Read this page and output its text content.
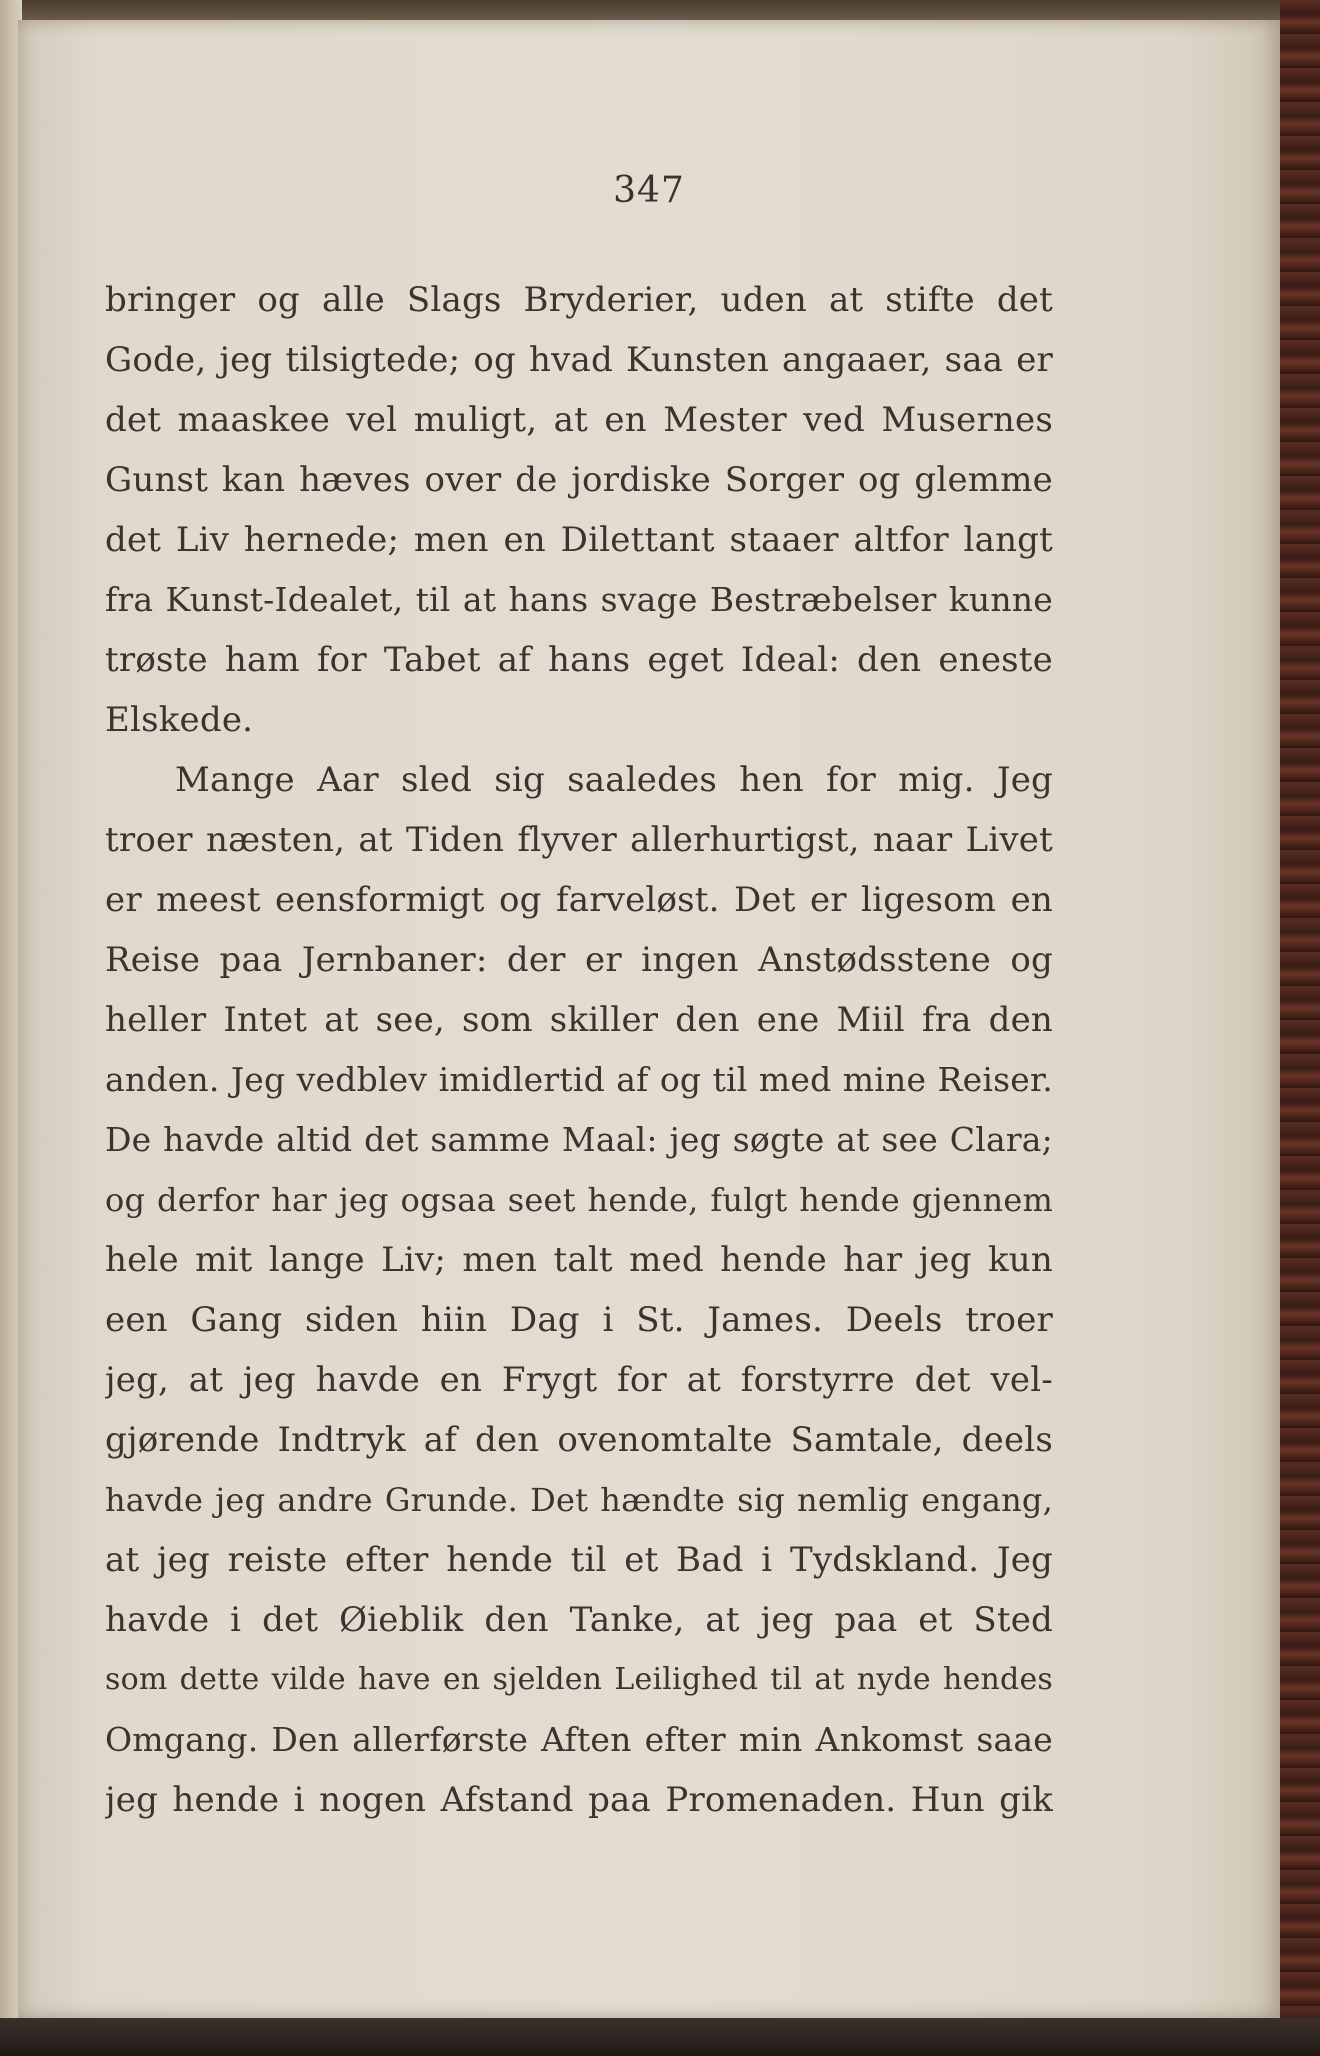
347
bringer og alle Slags Bryderier, uden at stifte det
Gode, jeg tilsigtede; og hvad Kunsten angaaer, saa er
det maaskee vel muligt, at en Mester ved Musernes
Gunst kan hæves over de jordiske Sorger og glemme
det Liv hernede; men en Dilettant staaer altfor langt
fra Kunst-Idealet, til at hans svage Bestræbelser kunne
trøste ham for Tabet af hans eget Ideal: den eneste
Elskede.
Mange Aar sled sig saaledes hen for mig. Jeg
troer næsten, at Tiden flyver allerhurtigst, naar Livet
er meest eensformigt og farveløst. Det er ligesom en
Reise paa Jernbaner: der er ingen Anstødsstene og
heller Intet at see, som skiller den ene Miil fra den
anden. Jeg vedblev imidlertid af og til med mine Reiser.
De havde altid det samme Maal: jeg søgte at see Clara;
og derfor har jeg ogsaa seet hende, fulgt hende gjennem
hele mit lange Liv; men talt med hende har jeg kun
een Gang siden hiin Dag i St. James. Deels troer
jeg, at jeg havde en Frygt for at forstyrre det vel-
gjørende Indtryk af den ovenomtalte Samtale, deels
havde jeg andre Grunde. Det hændte sig nemlig engang,
at jeg reiste efter hende til et Bad i Tydskland. Jeg
havde i det Øieblik den Tanke, at jeg paa et Sted
som dette vilde have en sjelden Leilighed til at nyde hendes
Omgang. Den allerførste Aften efter min Ankomst saae
jeg hende i nogen Afstand paa Promenaden. Hun gik
